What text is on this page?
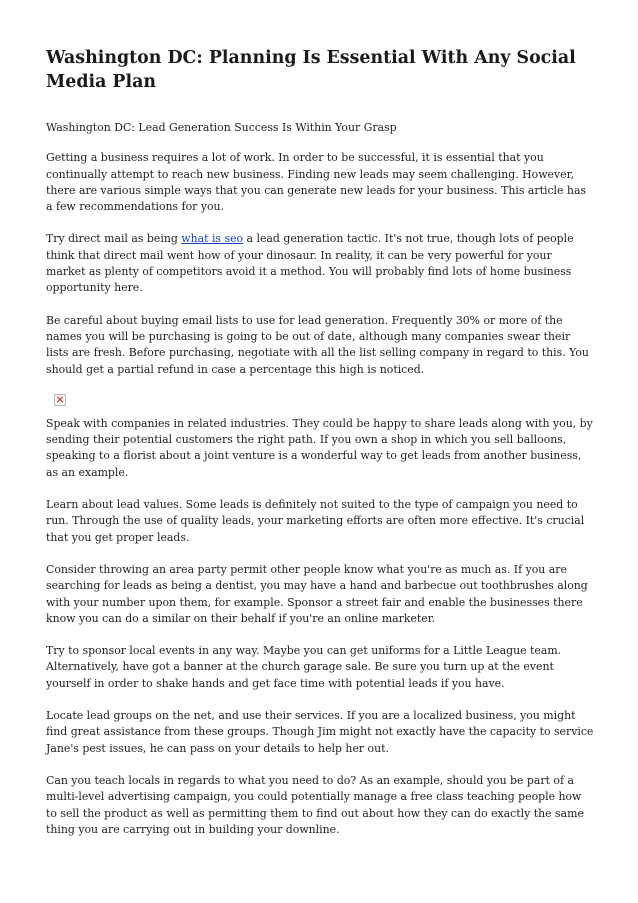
Washington DC: Planning Is Essential With Any Social Media Plan

Washington DC: Lead Generation Success Is Within Your Grasp

Getting a business requires a lot of work. In order to be successful, it is essential that you continually attempt to reach new business. Finding new leads may seem challenging. However, there are various simple ways that you can generate new leads for your business. This article has a few recommendations for you.

Try direct mail as being what is seo a lead generation tactic. It's not true, though lots of people think that direct mail went how of your dinosaur. In reality, it can be very powerful for your market as plenty of competitors avoid it a method. You will probably find lots of home business opportunity here.

Be careful about buying email lists to use for lead generation. Frequently 30% or more of the names you will be purchasing is going to be out of date, although many companies swear their lists are fresh. Before purchasing, negotiate with all the list selling company in regard to this. You should get a partial refund in case a percentage this high is noticed.

Speak with companies in related industries. They could be happy to share leads along with you, by sending their potential customers the right path. If you own a shop in which you sell balloons, speaking to a florist about a joint venture is a wonderful way to get leads from another business, as an example.

Learn about lead values. Some leads is definitely not suited to the type of campaign you need to run. Through the use of quality leads, your marketing efforts are often more effective. It's crucial that you get proper leads.

Consider throwing an area party permit other people know what you're as much as. If you are searching for leads as being a dentist, you may have a hand and barbecue out toothbrushes along with your number upon them, for example. Sponsor a street fair and enable the businesses there know you can do a similar on their behalf if you're an online marketer.

Try to sponsor local events in any way. Maybe you can get uniforms for a Little League team. Alternatively, have got a banner at the church garage sale. Be sure you turn up at the event yourself in order to shake hands and get face time with potential leads if you have.

Locate lead groups on the net, and use their services. If you are a localized business, you might find great assistance from these groups. Though Jim might not exactly have the capacity to service Jane's pest issues, he can pass on your details to help her out.

Can you teach locals in regards to what you need to do? As an example, should you be part of a multi-level advertising campaign, you could potentially manage a free class teaching people how to sell the product as well as permitting them to find out about how they can do exactly the same thing you are carrying out in building your downline.
